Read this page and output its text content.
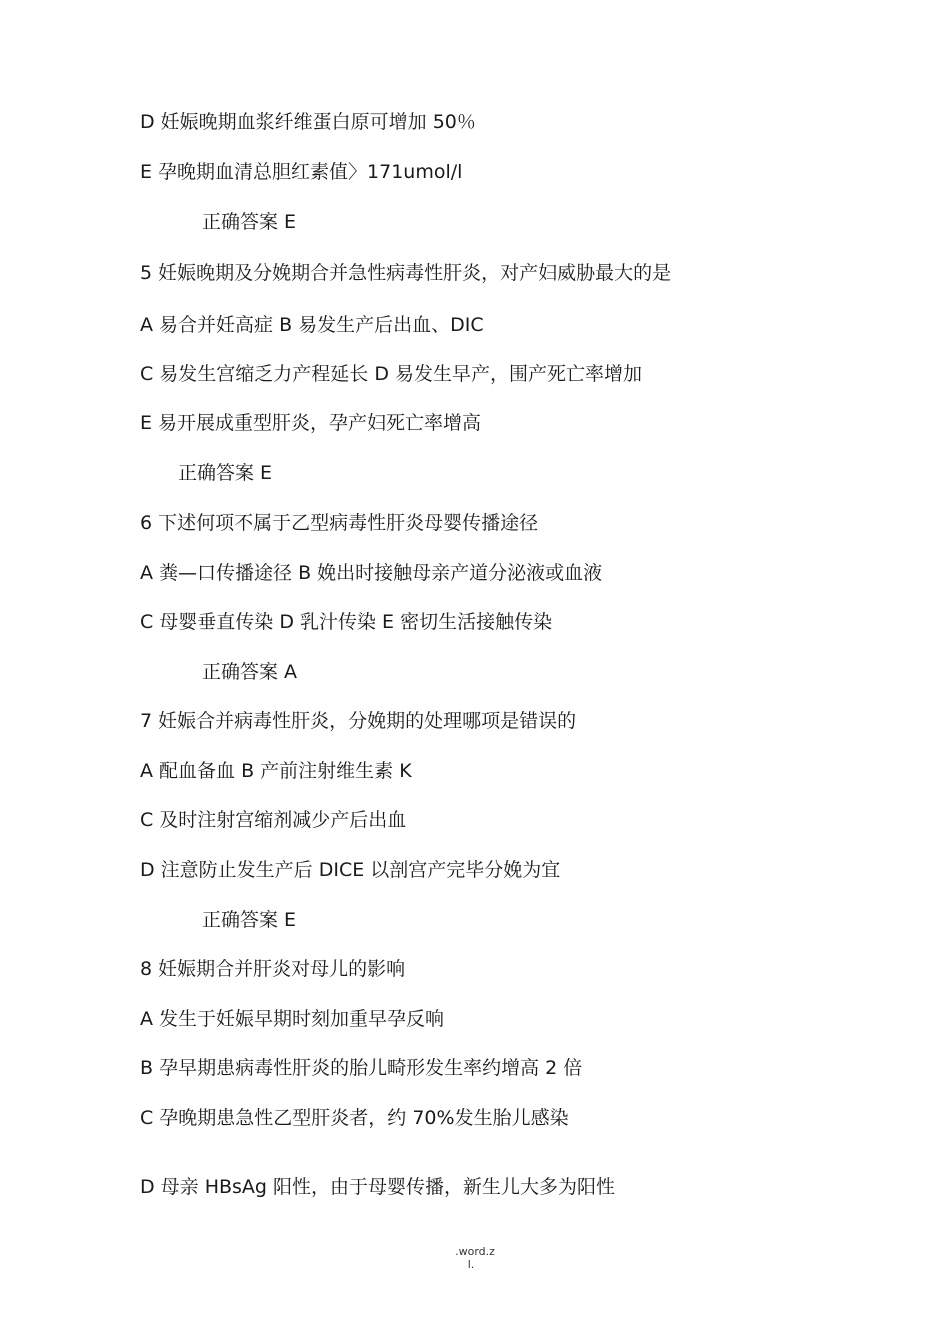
D 妊娠晚期血浆纤维蛋白原可增加 50％
E 孕晚期血清总胆红素值〉171umol/l
正确答案 E
5 妊娠晚期及分娩期合并急性病毒性肝炎，对产妇威胁最大的是
A 易合并妊高症 B 易发生产后出血、DIC
C 易发生宫缩乏力产程延长 D 易发生早产，围产死亡率增加
E 易开展成重型肝炎，孕产妇死亡率增高
正确答案 E
6 下述何项不属于乙型病毒性肝炎母婴传播途径
A 粪—口传播途径 B 娩出时接触母亲产道分泌液或血液
C 母婴垂直传染 D 乳汁传染 E 密切生活接触传染
正确答案 A
7 妊娠合并病毒性肝炎，分娩期的处理哪项是错误的
A 配血备血 B 产前注射维生素 K
C 及时注射宫缩剂减少产后出血
D 注意防止发生产后 DICE 以剖宫产完毕分娩为宜
正确答案 E
8 妊娠期合并肝炎对母儿的影响
A 发生于妊娠早期时刻加重早孕反响
B 孕早期患病毒性肝炎的胎儿畸形发生率约增高 2 倍
C 孕晚期患急性乙型肝炎者，约 70%发生胎儿感染
D 母亲 HBsAg 阳性，由于母婴传播，新生儿大多为阳性
.word.z
l.
